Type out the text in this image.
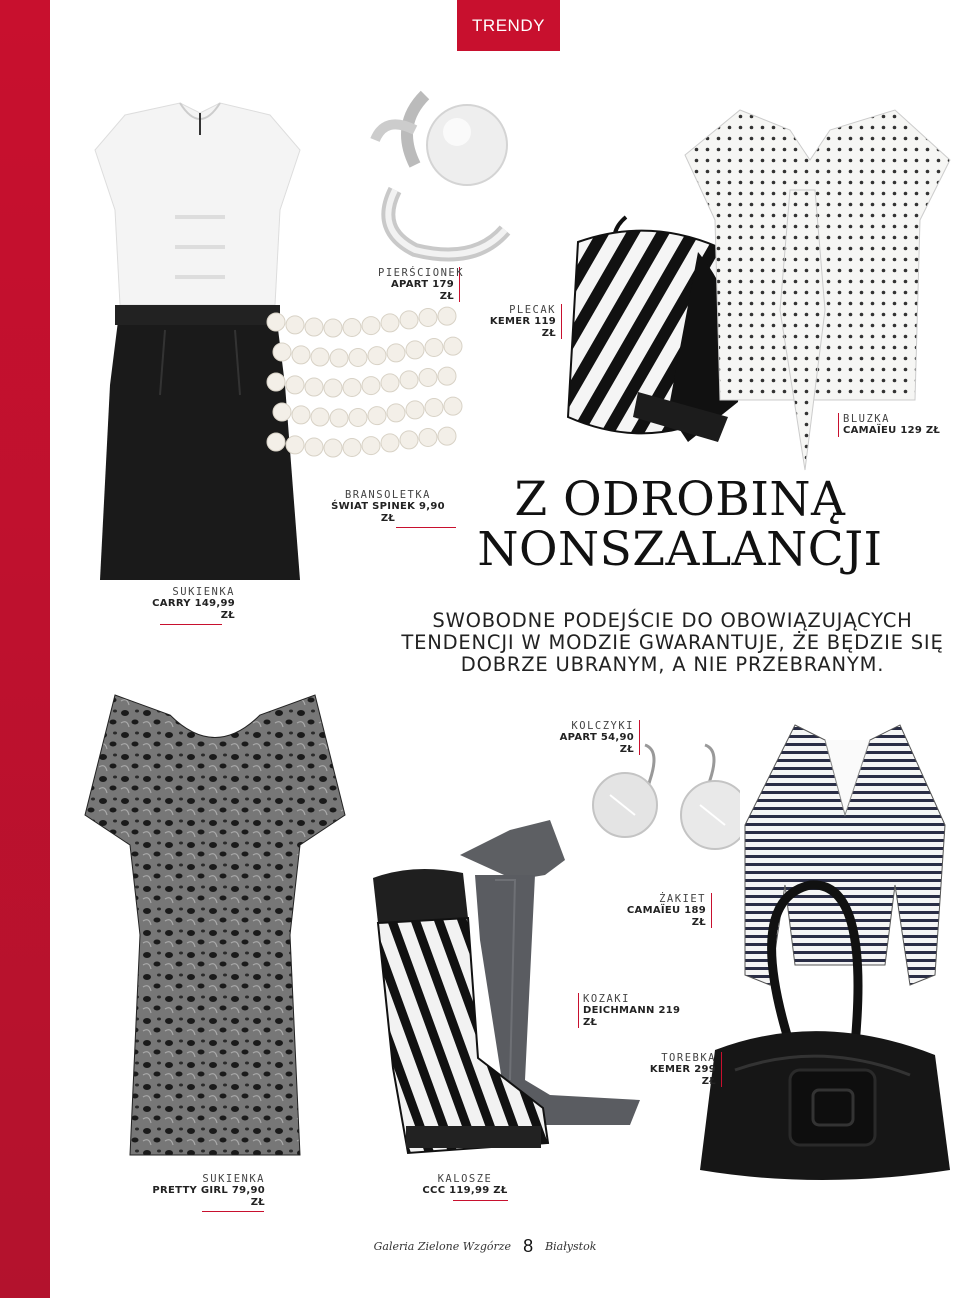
TRENDY
PIERŚCIONEK
APART 179 ZŁ
PLECAK
KEMER 119 ZŁ
BLUZKA
CAMAÏEU 129 ZŁ
BRANSOLETKA
ŚWIAT SPINEK 9,90 ZŁ
SUKIENKA
CARRY 149,99 ZŁ
Z ODROBINĄ
NONSZALANCJI
SWOBODNE PODEJŚCIE DO OBOWIĄZUJĄCYCH TENDENCJI W MODZIE GWARANTUJE, ŻE BĘDZIE SIĘ DOBRZE UBRANYM, A NIE PRZEBRANYM.
KOLCZYKI
APART 54,90 ZŁ
ŻAKIET
CAMAÏEU 189 ZŁ
KOZAKI
DEICHMANN 219 ZŁ
TOREBKA
KEMER 299 ZŁ
SUKIENKA
PRETTY GIRL 79,90 ZŁ
KALOSZE
CCC 119,99 ZŁ
Galeria Zielone Wzgórze 8 Białystok
